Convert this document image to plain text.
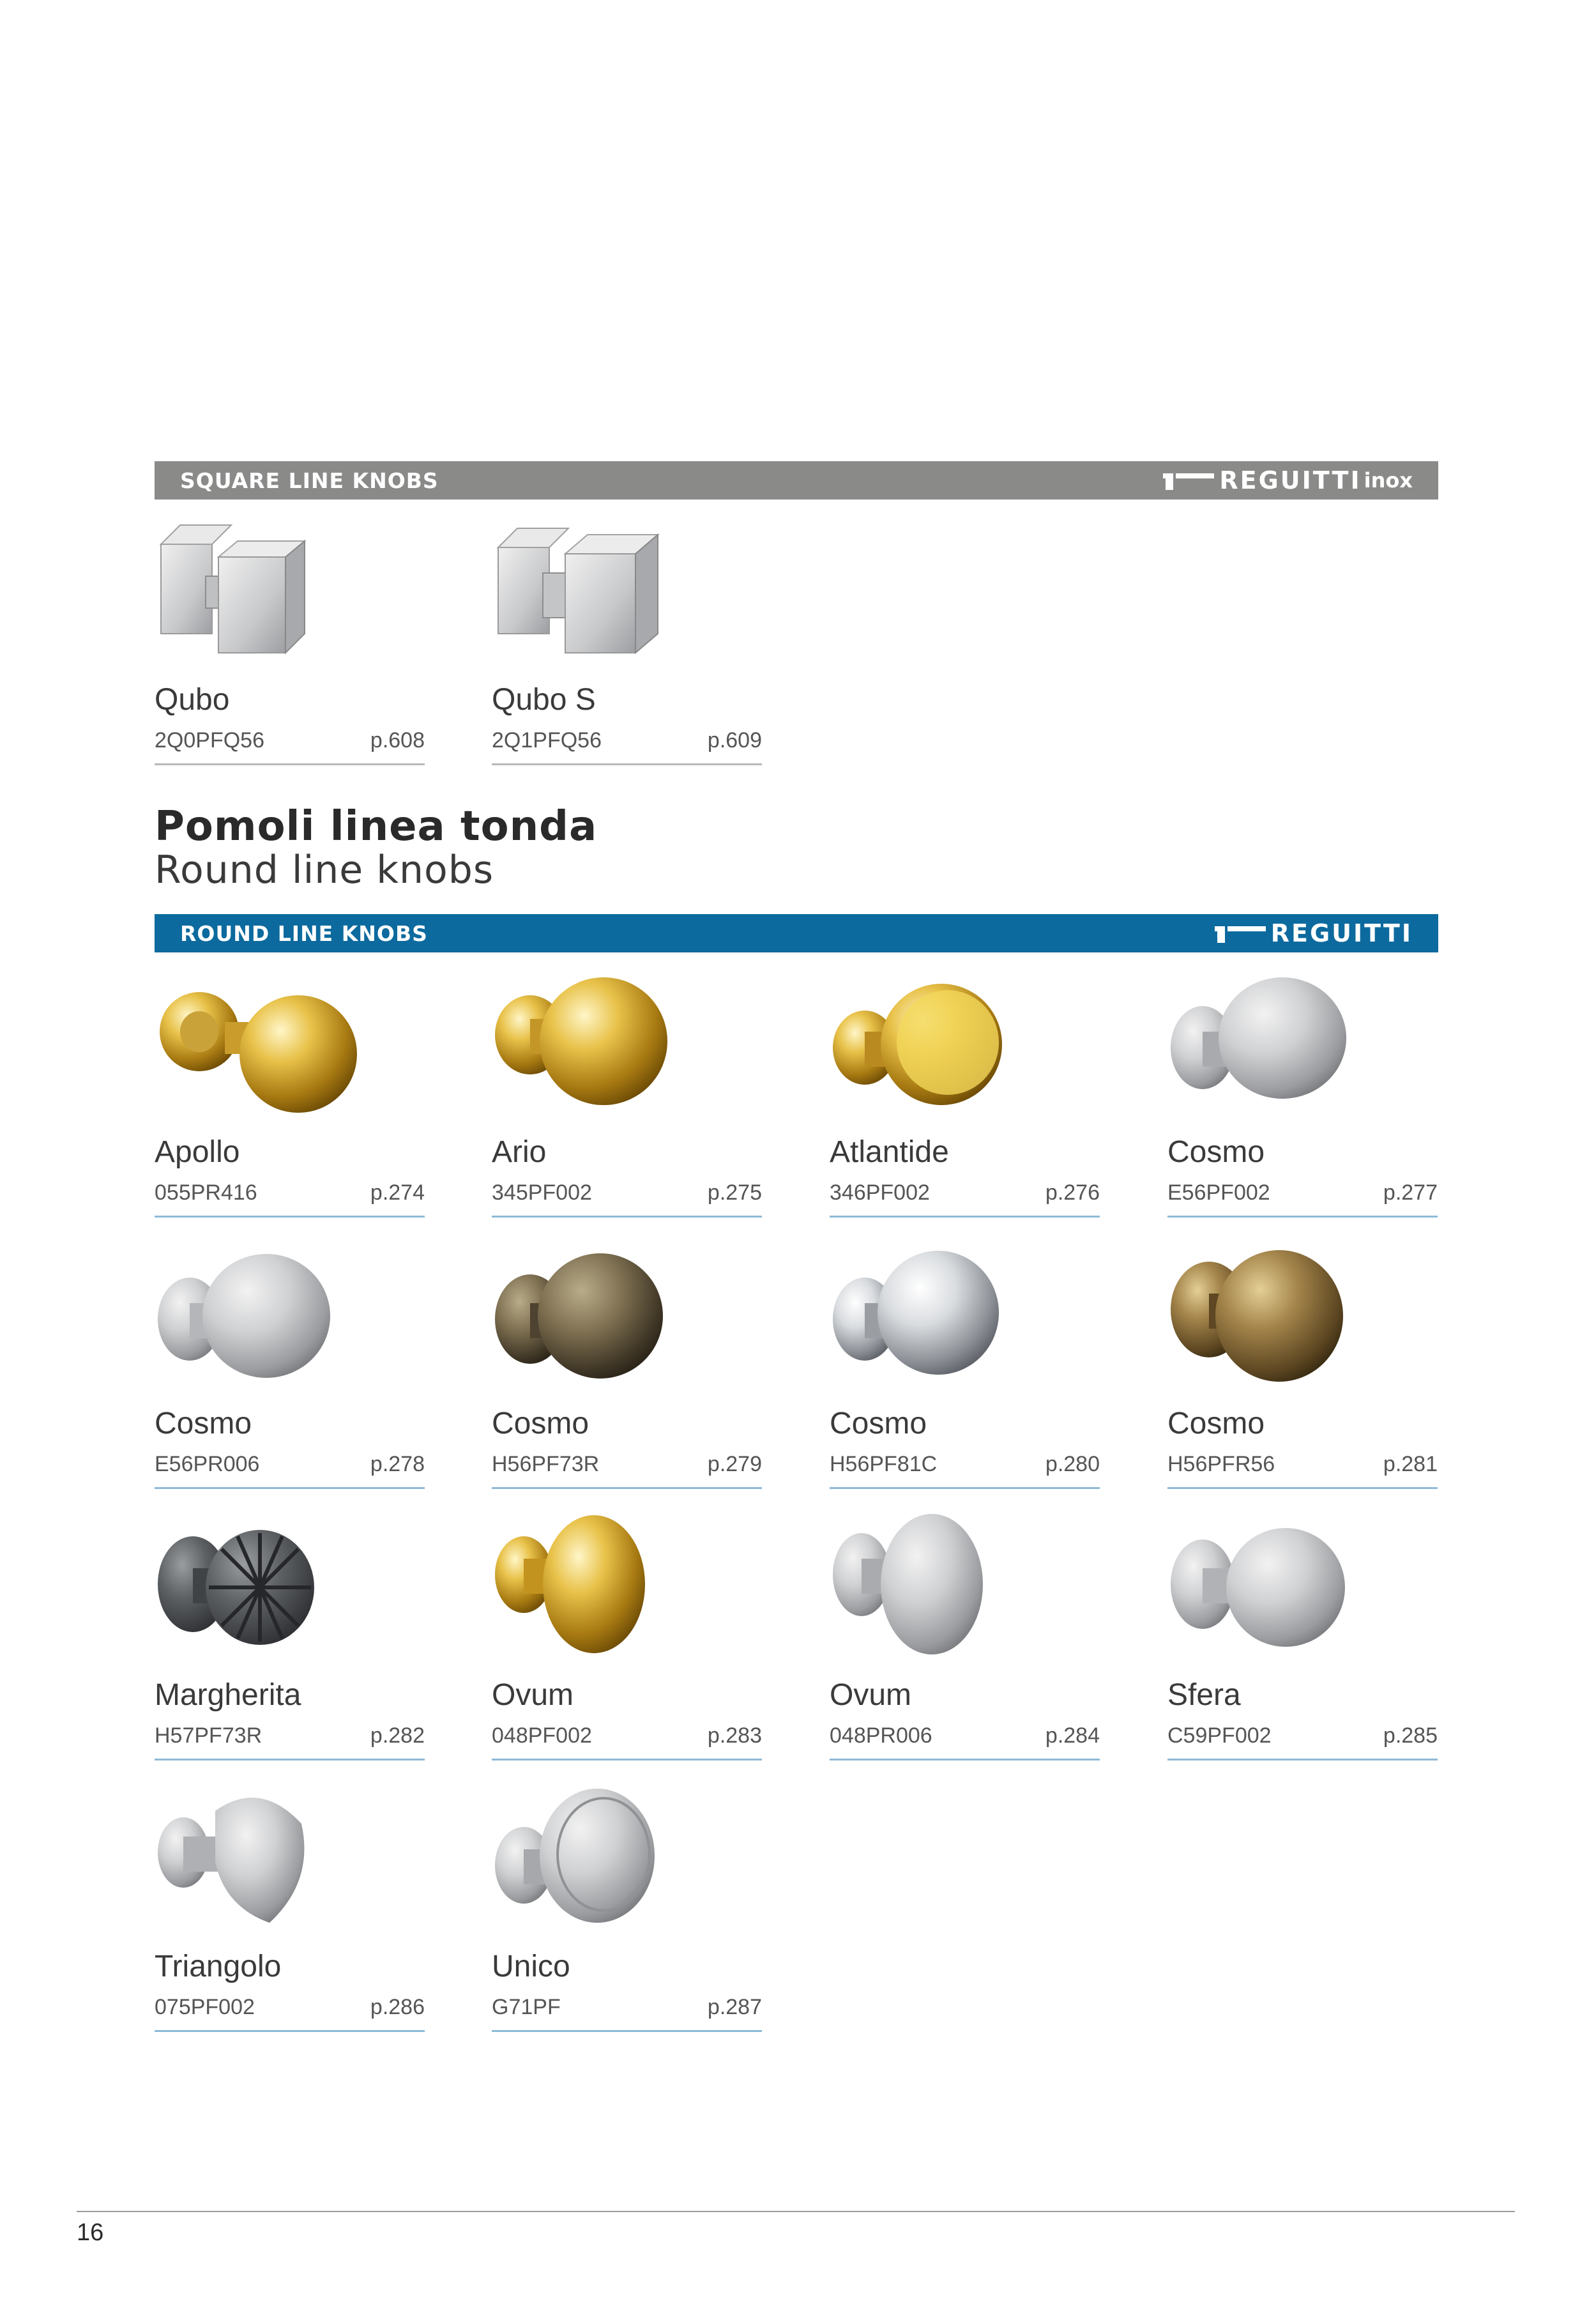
SQUARE LINE KNOBS	REGUITTI inox
Qubo
2Q0PFQ56	p.608
Qubo S
2Q1PFQ56	p.609
Pomoli linea tonda
Round line knobs
ROUND LINE KNOBS	REGUITTI
Apollo
055PR416	p.274
Ario
345PF002	p.275
Atlantide
346PF002	p.276
Cosmo
E56PF002	p.277
Cosmo
E56PR006	p.278
Cosmo
H56PF73R	p.279
Cosmo
H56PF81C	p.280
Cosmo
H56PFR56	p.281
Margherita
H57PF73R	p.282
Ovum
048PF002	p.283
Ovum
048PR006	p.284
Sfera
C59PF002	p.285
Triangolo
075PF002	p.286
Unico
G71PF	p.287
16
